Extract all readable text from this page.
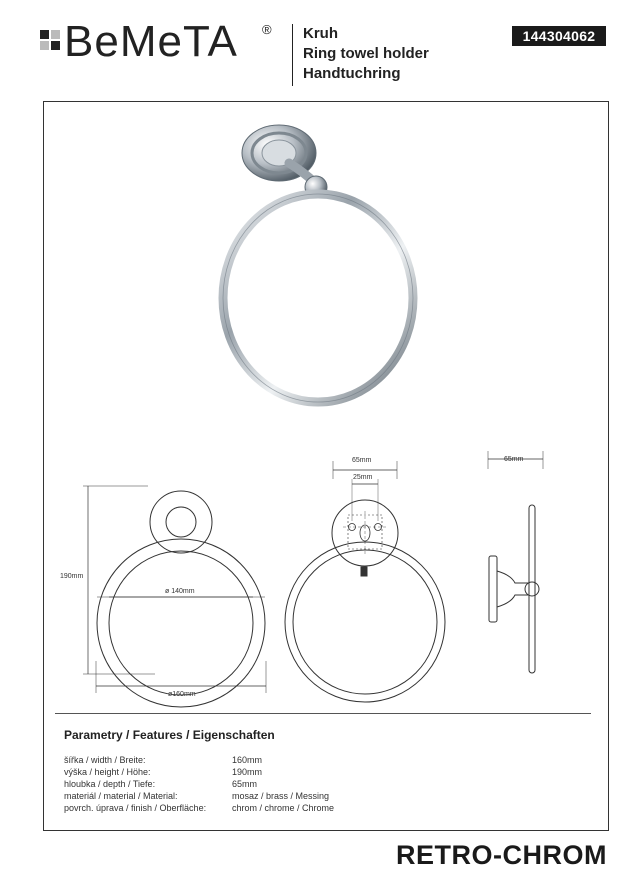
BeMeTA ® Kruh
Ring towel holder
Handtuchring
144304062
190mm
ø 140mm
ø160mm
65mm
25mm
65mm
Parametry / Features / Eigenschaften
šířka / width / Breite:	160mm
výška / height / Höhe:	190mm
hloubka / depth / Tiefe:	65mm
materiál / material / Material:	mosaz / brass / Messing
povrch. úprava / finish / Oberfläche:	chrom / chrome / Chrome
RETRO-CHROM
